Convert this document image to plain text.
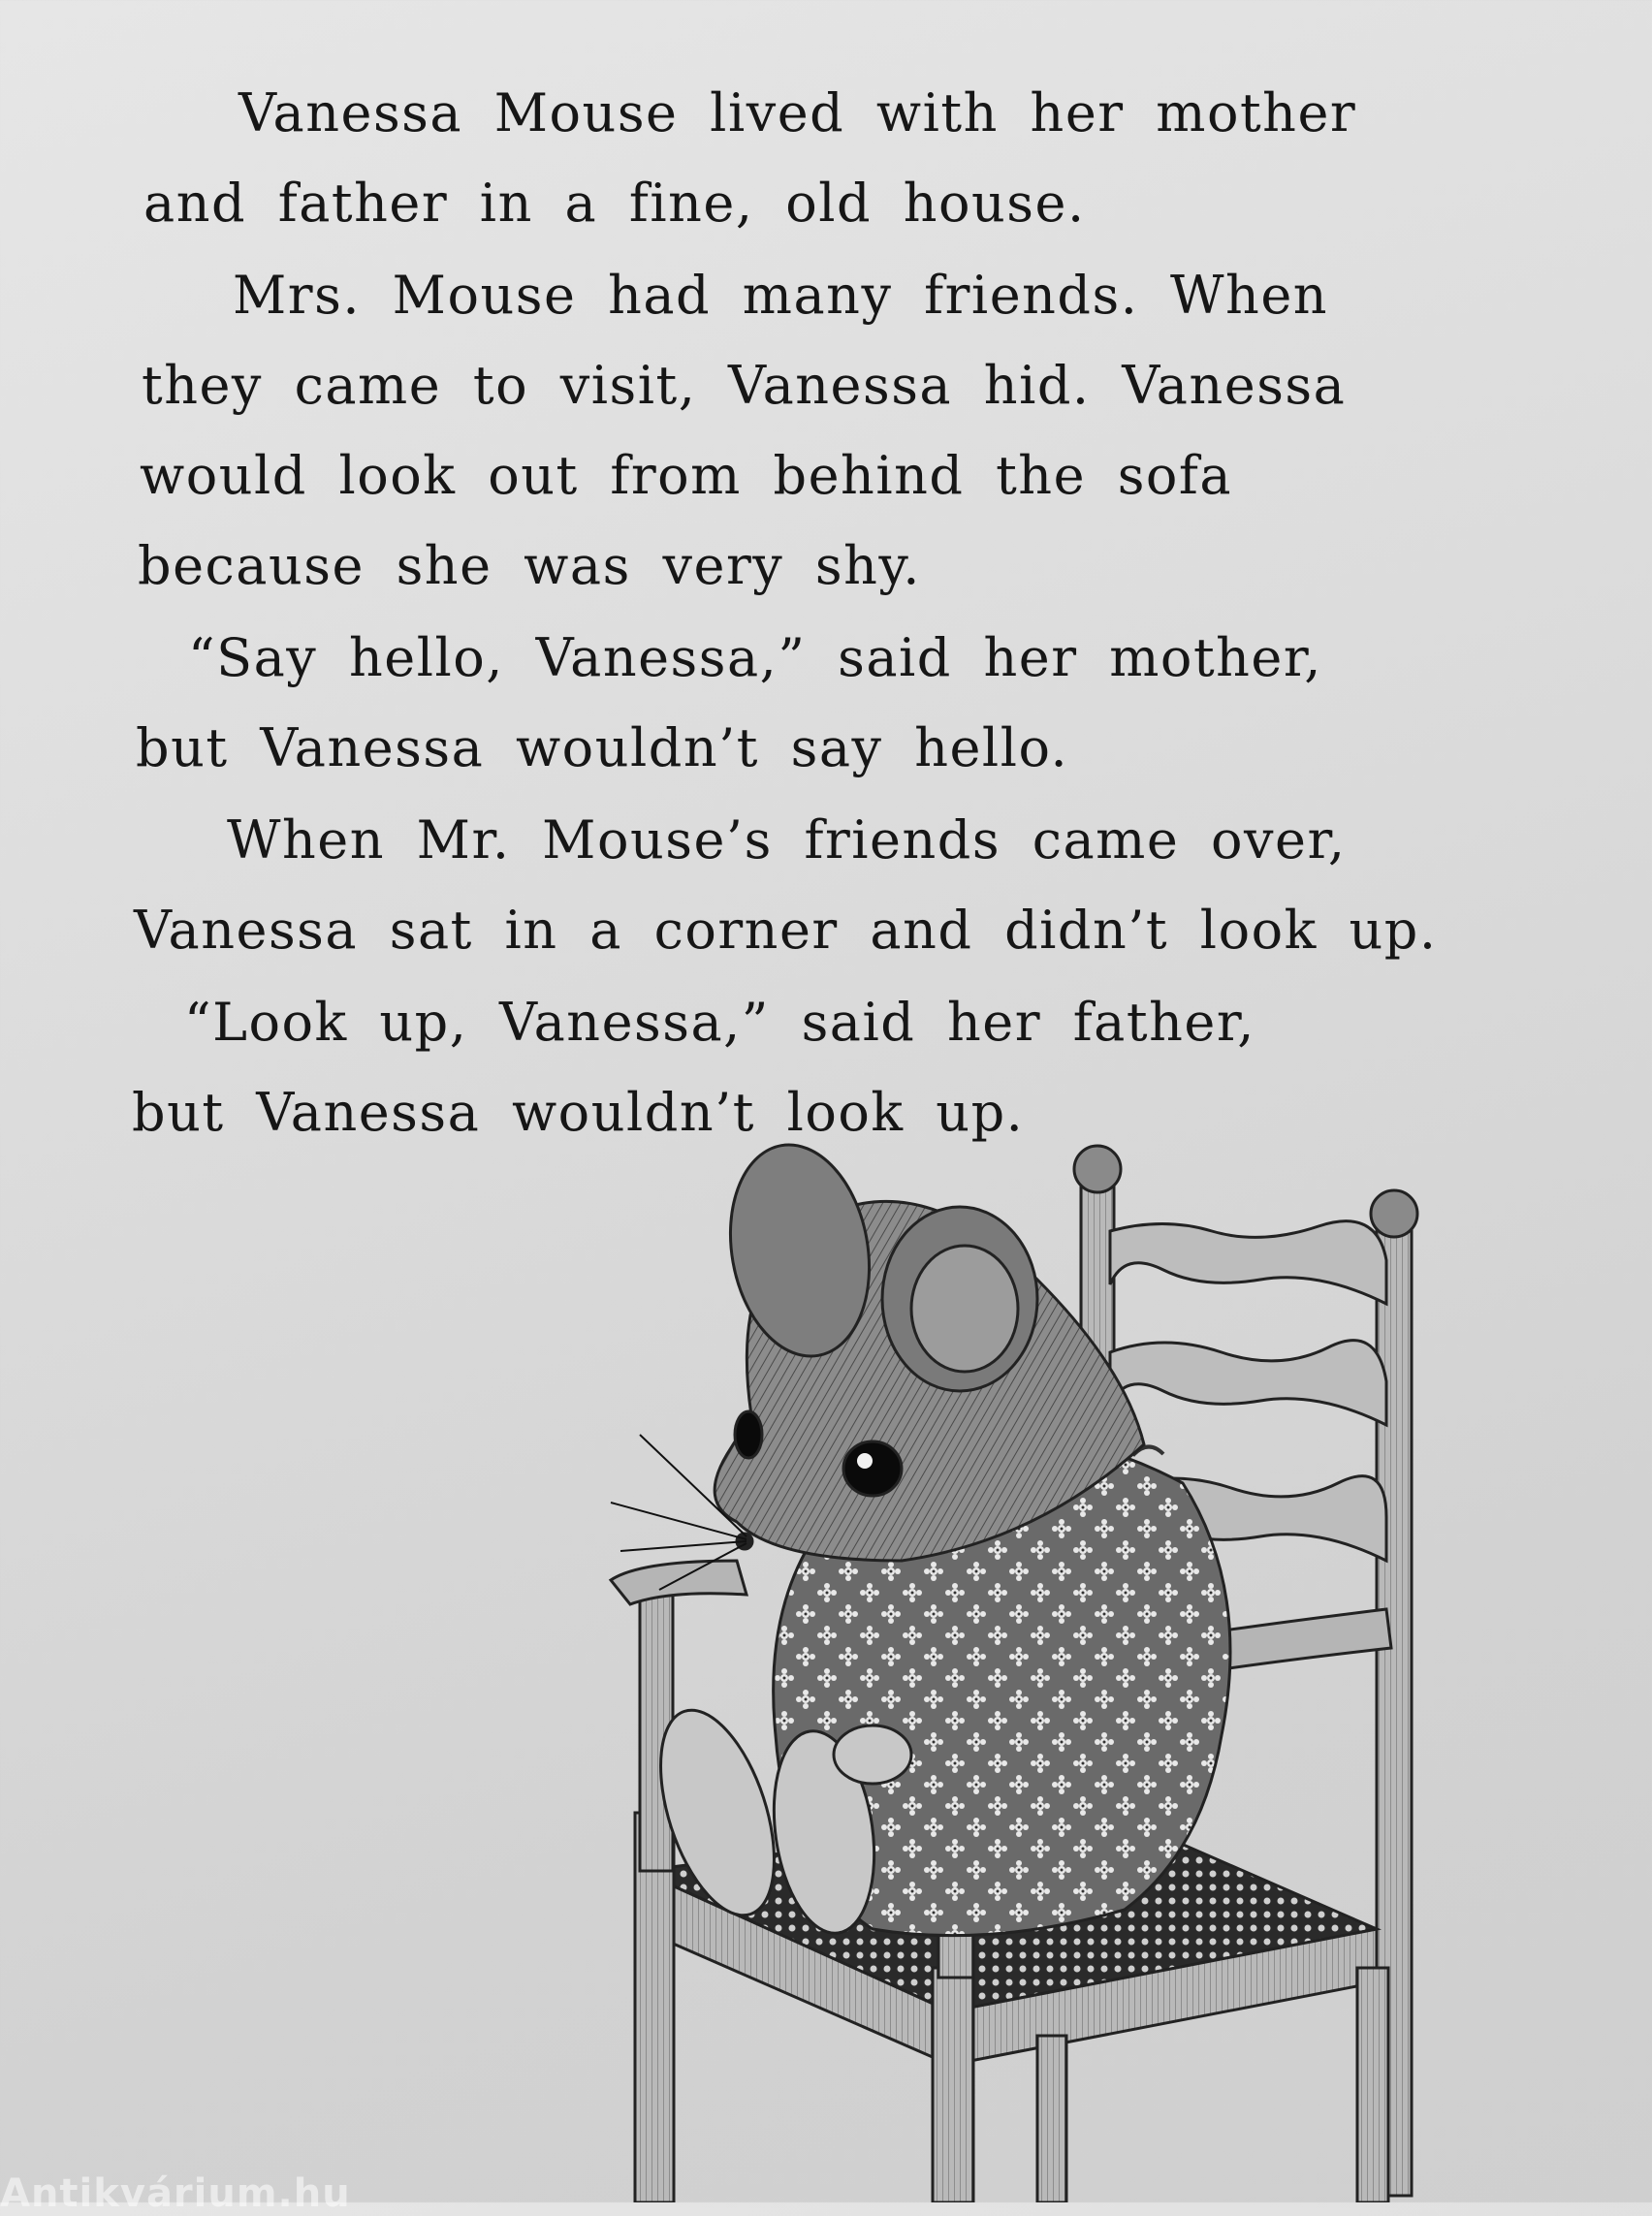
Vanessa Mouse lived with her mother
and father in a fine, old house.
Mrs. Mouse had many friends. When
they came to visit, Vanessa hid. Vanessa
would look out from behind the sofa
because she was very shy.
“Say hello, Vanessa,” said her mother,
but Vanessa wouldn’t say hello.
When Mr. Mouse’s friends came over,
Vanessa sat in a corner and didn’t look up.
“Look up, Vanessa,” said her father,
but Vanessa wouldn’t look up.
Antikvárium.hu
